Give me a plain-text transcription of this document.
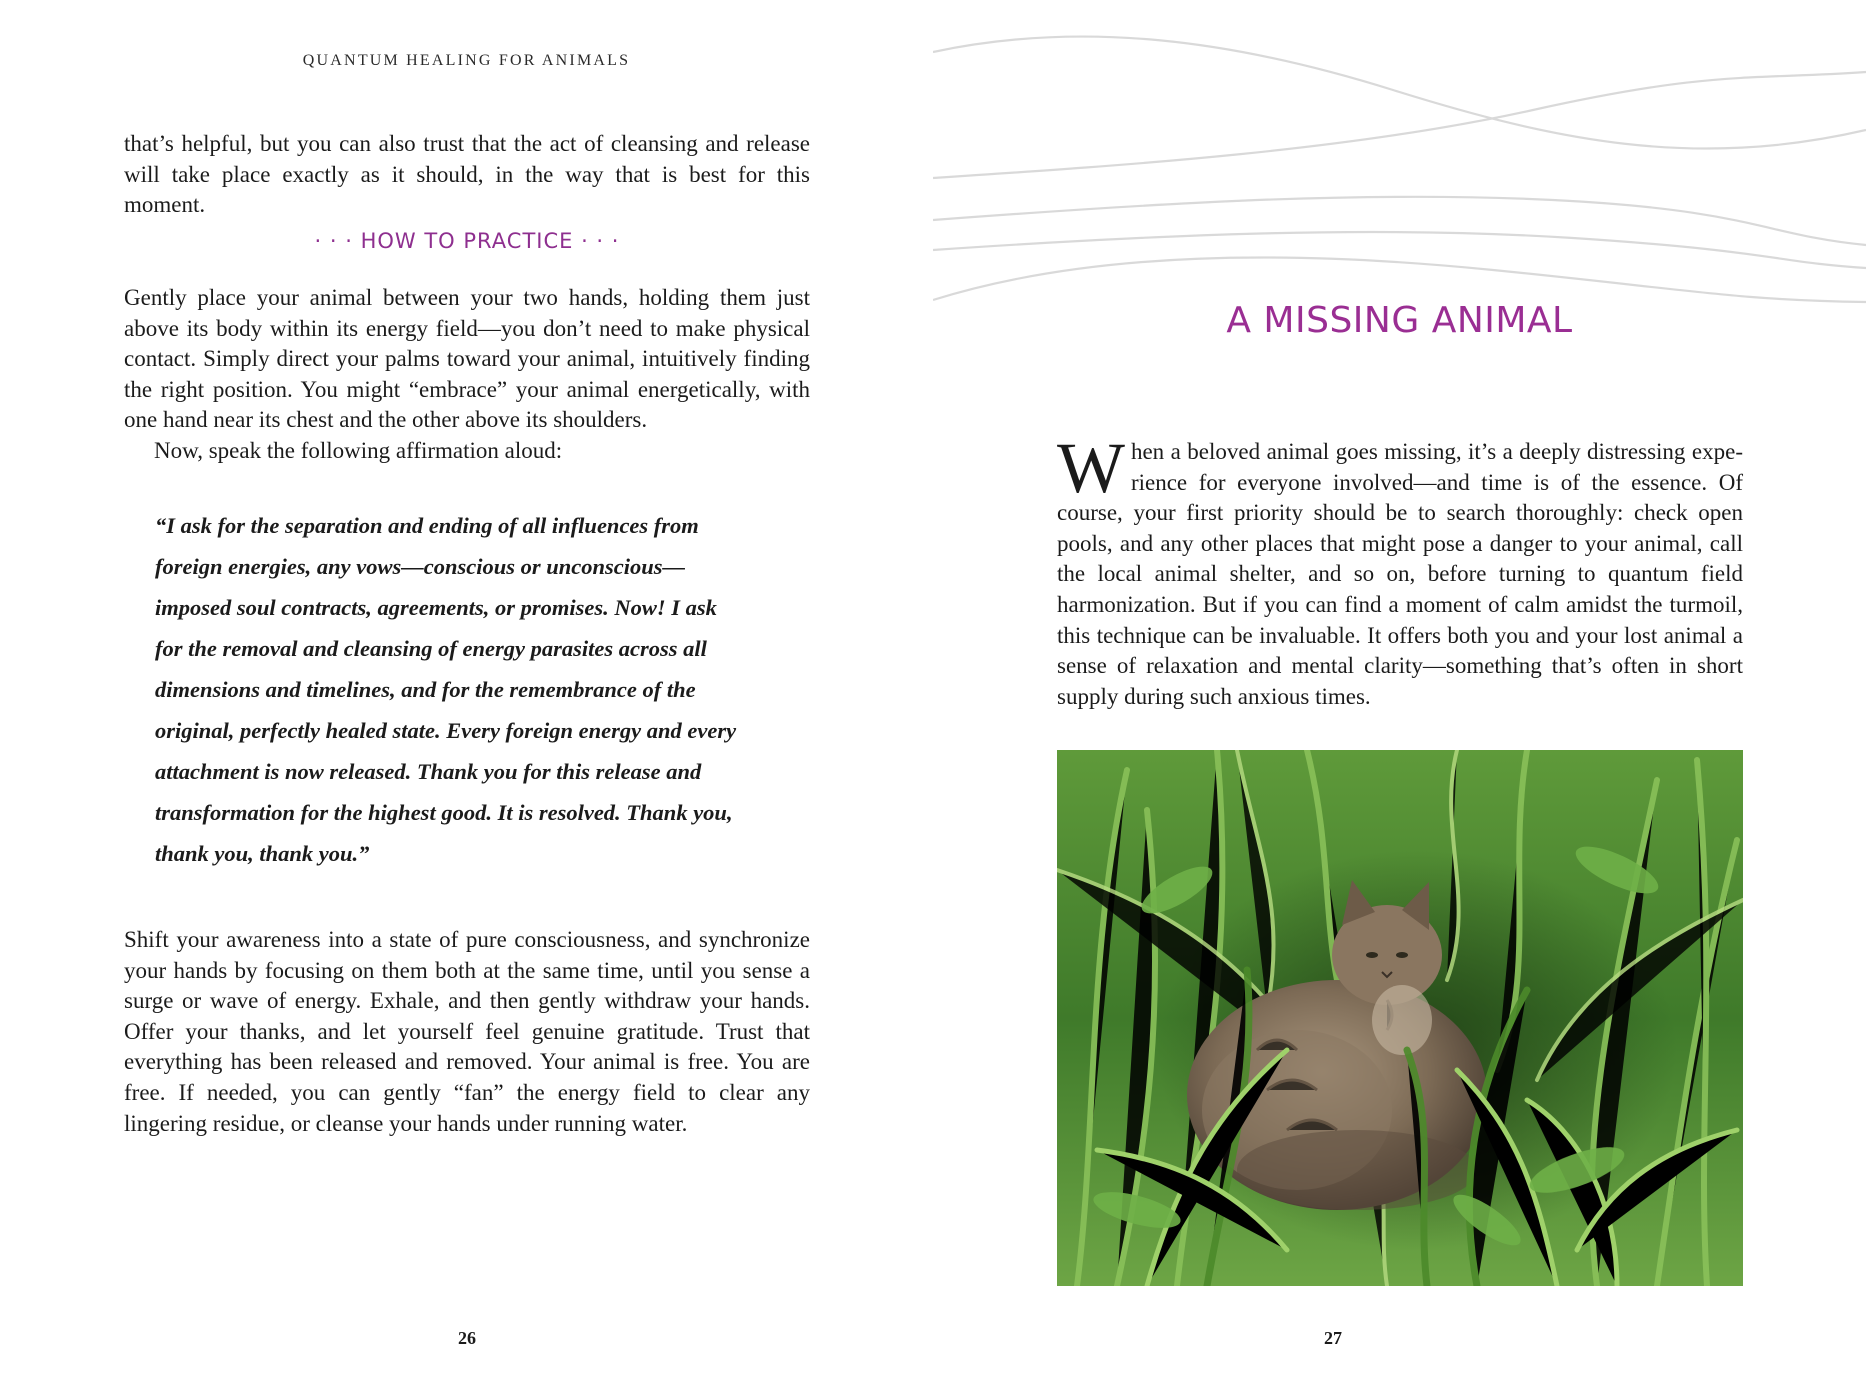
QUANTUM HEALING FOR ANIMALS

that’s helpful, but you can also trust that the act of cleansing and release will take place exactly as it should, in the way that is best for this moment.

· · · HOW TO PRACTICE · · ·

Gently place your animal between your two hands, holding them just above its body within its energy field—you don’t need to make physical contact. Simply direct your palms toward your animal, intuitively finding the right position. You might “embrace” your animal energetically, with one hand near its chest and the other above its shoulders.

Now, speak the following affirmation aloud:

“I ask for the separation and ending of all influences from
foreign energies, any vows—conscious or unconscious—
imposed soul contracts, agreements, or promises. Now! I ask
for the removal and cleansing of energy parasites across all
dimensions and timelines, and for the remembrance of the
original, perfectly healed state. Every foreign energy and every
attachment is now released. Thank you for this release and
transformation for the highest good. It is resolved. Thank you,
thank you, thank you.”

Shift your awareness into a state of pure consciousness, and synchronize your hands by focusing on them both at the same time, until you sense a surge or wave of energy. Exhale, and then gently withdraw your hands. Offer your thanks, and let yourself feel genuine gratitude. Trust that everything has been released and removed. Your animal is free. You are free. If needed, you can gently “fan” the energy field to clear any lingering residue, or cleanse your hands under running water.

26
A MISSING ANIMAL

When a beloved animal goes missing, it’s a deeply distressing experience for everyone involved—and time is of the essence. Of course, your first priority should be to search thoroughly: check open pools, and any other places that might pose a danger to your animal, call the local animal shelter, and so on, before turning to quantum field harmonization. But if you can find a moment of calm amidst the turmoil, this technique can be invaluable. It offers both you and your lost animal a sense of relaxation and mental clarity—something that’s often in short supply during such anxious times.

27
